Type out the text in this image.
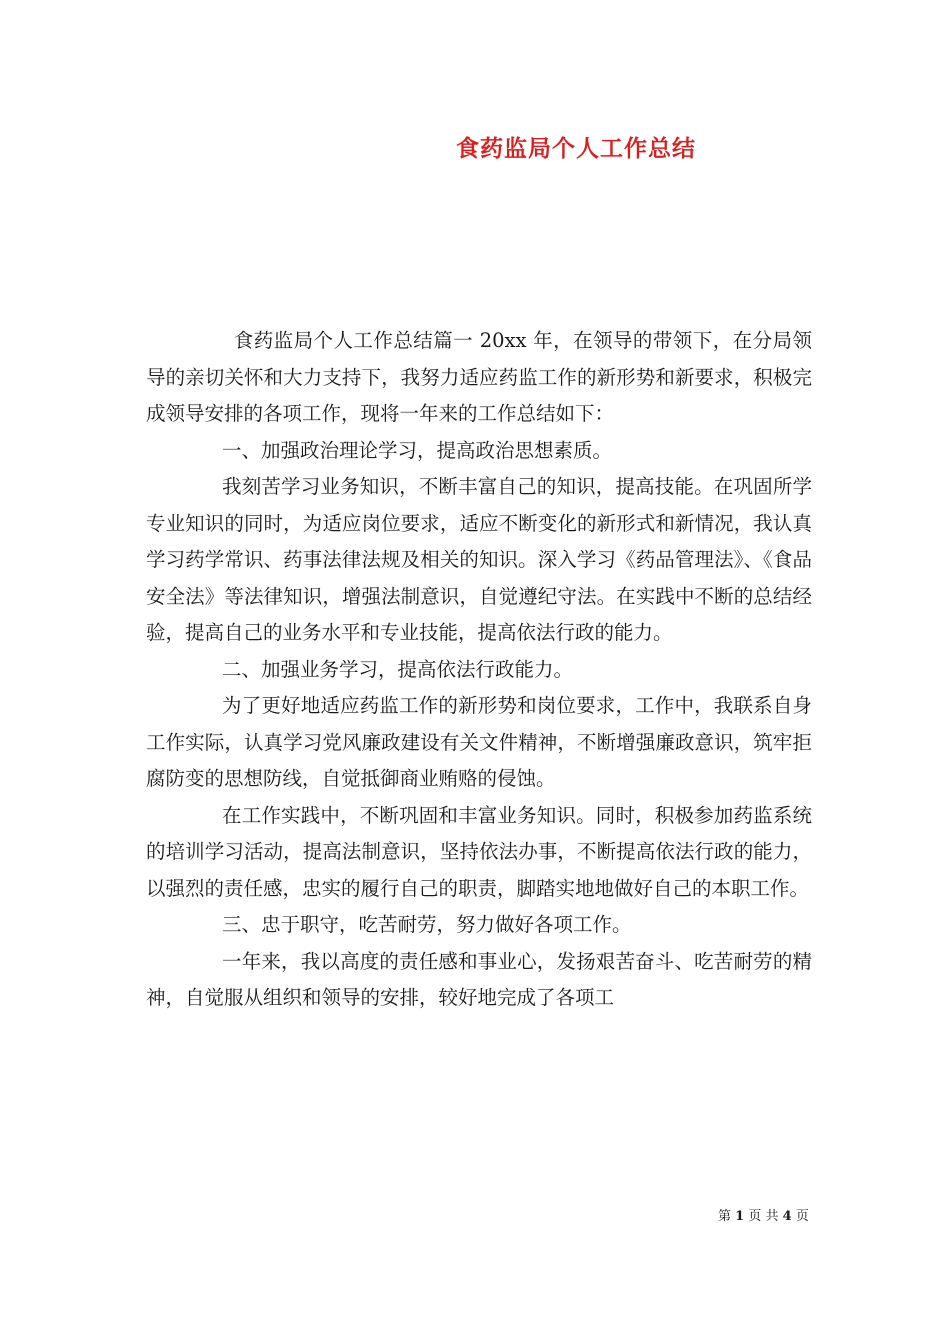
食药监局个人工作总结

食药监局个人工作总结篇一 20xx 年，在领导的带领下，在分局领导的亲切关怀和大力支持下，我努力适应药监工作的新形势和新要求，积极完成领导安排的各项工作，现将一年来的工作总结如下：

一、加强政治理论学习，提高政治思想素质。

我刻苦学习业务知识，不断丰富自己的知识，提高技能。在巩固所学专业知识的同时，为适应岗位要求，适应不断变化的新形式和新情况，我认真学习药学常识、药事法律法规及相关的知识。深入学习《药品管理法》、《食品安全法》等法律知识，增强法制意识，自觉遵纪守法。在实践中不断的总结经验，提高自己的业务水平和专业技能，提高依法行政的能力。

二、加强业务学习，提高依法行政能力。

为了更好地适应药监工作的新形势和岗位要求，工作中，我联系自身工作实际，认真学习党风廉政建设有关文件精神，不断增强廉政意识，筑牢拒腐防变的思想防线，自觉抵御商业贿赂的侵蚀。

在工作实践中，不断巩固和丰富业务知识。同时，积极参加药监系统的培训学习活动，提高法制意识，坚持依法办事，不断提高依法行政的能力，以强烈的责任感，忠实的履行自己的职责，脚踏实地地做好自己的本职工作。

三、忠于职守，吃苦耐劳，努力做好各项工作。

一年来，我以高度的责任感和事业心，发扬艰苦奋斗、吃苦耐劳的精神，自觉服从组织和领导的安排，较好地完成了各项工

第 1 页 共 4 页
